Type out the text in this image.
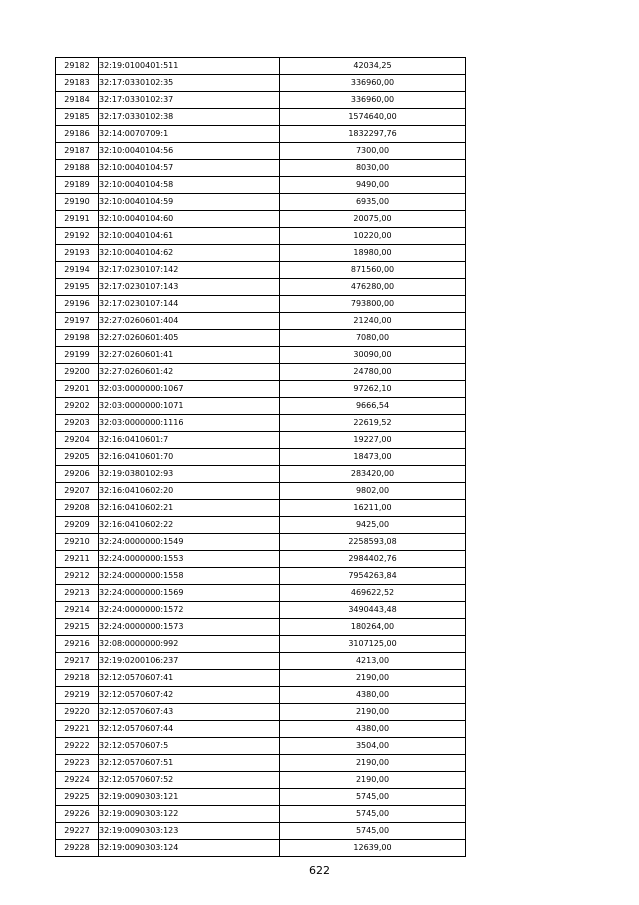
29182	32:19:0100401:511	42034,25
29183	32:17:0330102:35	336960,00
29184	32:17:0330102:37	336960,00
29185	32:17:0330102:38	1574640,00
29186	32:14:0070709:1	1832297,76
29187	32:10:0040104:56	7300,00
29188	32:10:0040104:57	8030,00
29189	32:10:0040104:58	9490,00
29190	32:10:0040104:59	6935,00
29191	32:10:0040104:60	20075,00
29192	32:10:0040104:61	10220,00
29193	32:10:0040104:62	18980,00
29194	32:17:0230107:142	871560,00
29195	32:17:0230107:143	476280,00
29196	32:17:0230107:144	793800,00
29197	32:27:0260601:404	21240,00
29198	32:27:0260601:405	7080,00
29199	32:27:0260601:41	30090,00
29200	32:27:0260601:42	24780,00
29201	32:03:0000000:1067	97262,10
29202	32:03:0000000:1071	9666,54
29203	32:03:0000000:1116	22619,52
29204	32:16:0410601:7	19227,00
29205	32:16:0410601:70	18473,00
29206	32:19:0380102:93	283420,00
29207	32:16:0410602:20	9802,00
29208	32:16:0410602:21	16211,00
29209	32:16:0410602:22	9425,00
29210	32:24:0000000:1549	2258593,08
29211	32:24:0000000:1553	2984402,76
29212	32:24:0000000:1558	7954263,84
29213	32:24:0000000:1569	469622,52
29214	32:24:0000000:1572	3490443,48
29215	32:24:0000000:1573	180264,00
29216	32:08:0000000:992	3107125,00
29217	32:19:0200106:237	4213,00
29218	32:12:0570607:41	2190,00
29219	32:12:0570607:42	4380,00
29220	32:12:0570607:43	2190,00
29221	32:12:0570607:44	4380,00
29222	32:12:0570607:5	3504,00
29223	32:12:0570607:51	2190,00
29224	32:12:0570607:52	2190,00
29225	32:19:0090303:121	5745,00
29226	32:19:0090303:122	5745,00
29227	32:19:0090303:123	5745,00
29228	32:19:0090303:124	12639,00
622
